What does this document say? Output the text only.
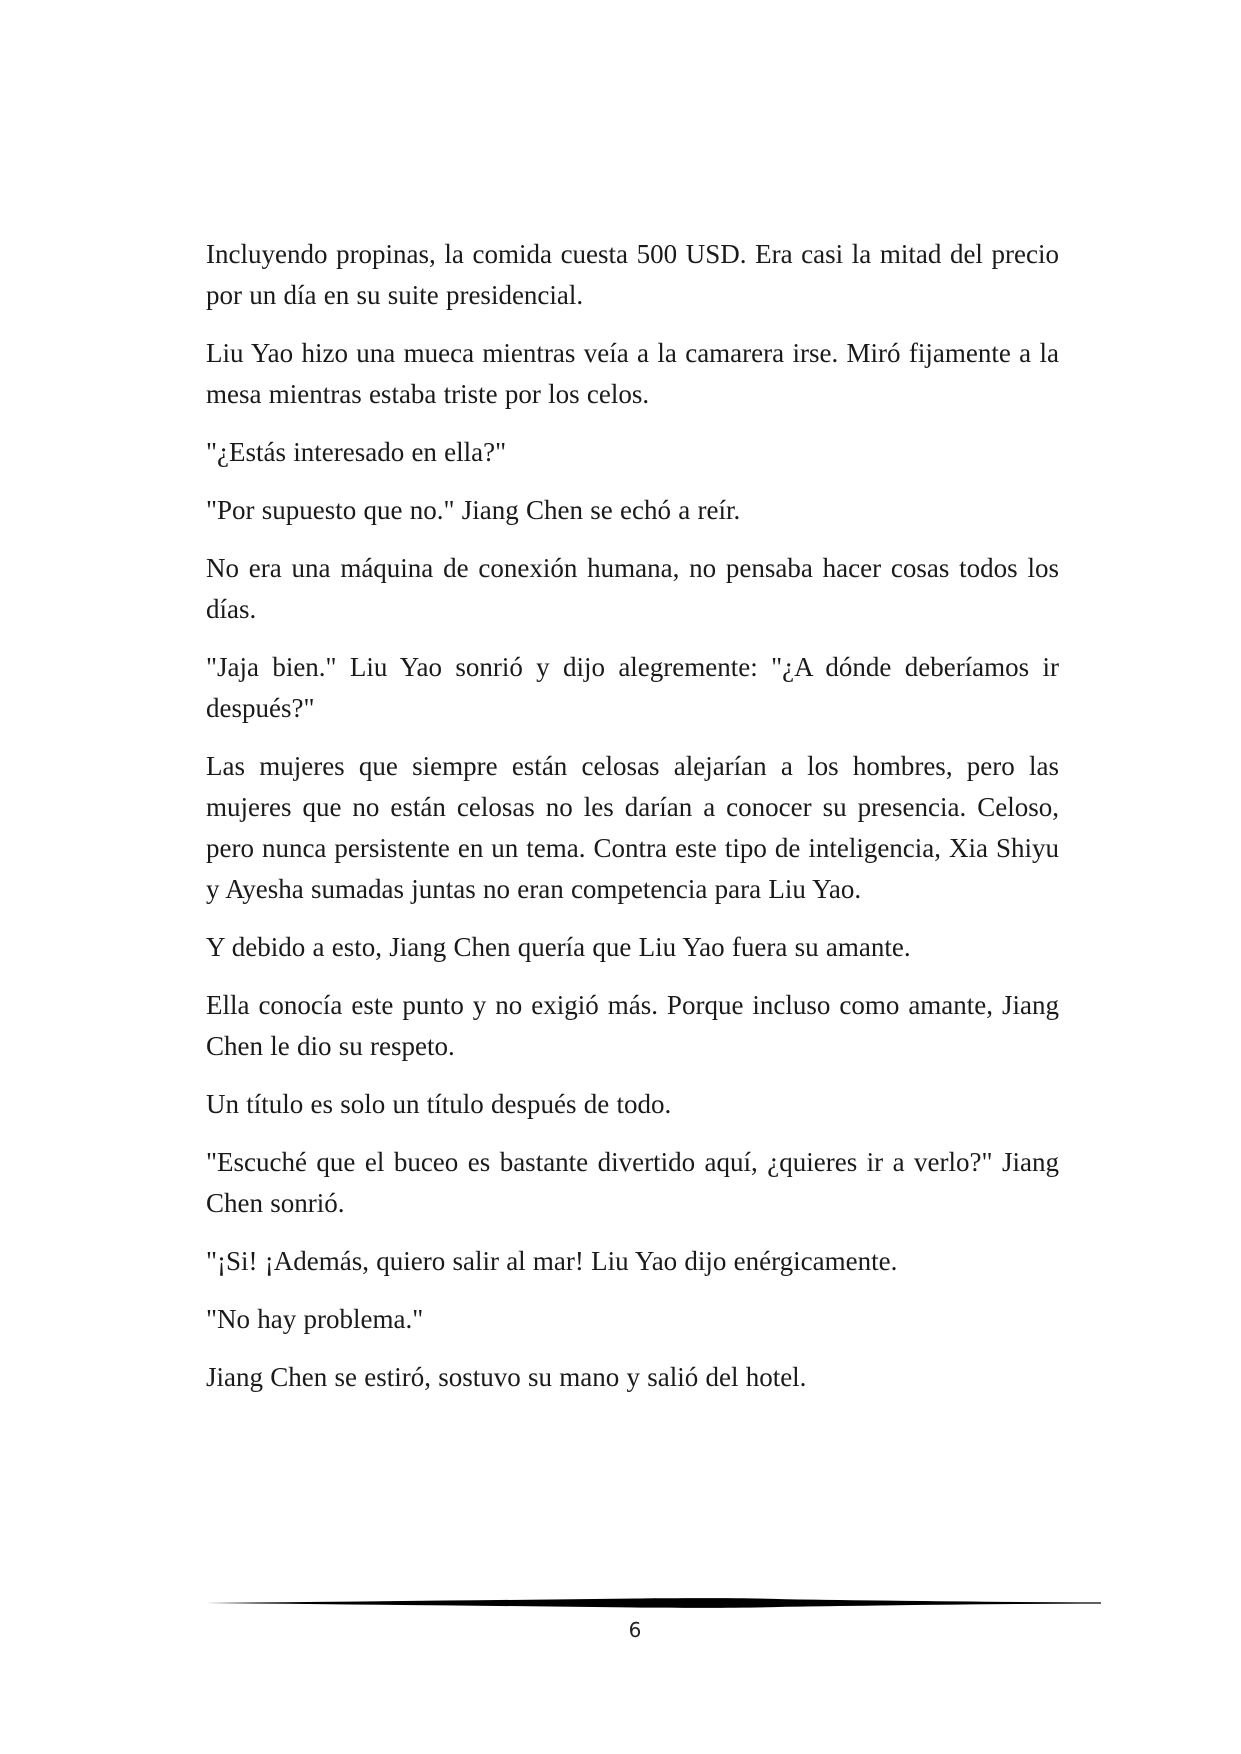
Incluyendo propinas, la comida cuesta 500 USD. Era casi la mitad del precio por un día en su suite presidencial.

Liu Yao hizo una mueca mientras veía a la camarera irse. Miró fijamente a la mesa mientras estaba triste por los celos.

"¿Estás interesado en ella?"

"Por supuesto que no." Jiang Chen se echó a reír.

No era una máquina de conexión humana, no pensaba hacer cosas todos los días.

"Jaja bien." Liu Yao sonrió y dijo alegremente: "¿A dónde deberíamos ir después?"

Las mujeres que siempre están celosas alejarían a los hombres, pero las mujeres que no están celosas no les darían a conocer su presencia. Celoso, pero nunca persistente en un tema. Contra este tipo de inteligencia, Xia Shiyu y Ayesha sumadas juntas no eran competencia para Liu Yao.

Y debido a esto, Jiang Chen quería que Liu Yao fuera su amante.

Ella conocía este punto y no exigió más. Porque incluso como amante, Jiang Chen le dio su respeto.

Un título es solo un título después de todo.

"Escuché que el buceo es bastante divertido aquí, ¿quieres ir a verlo?" Jiang Chen sonrió.

"¡Si! ¡Además, quiero salir al mar! Liu Yao dijo enérgicamente.

"No hay problema."

Jiang Chen se estiró, sostuvo su mano y salió del hotel.

6
